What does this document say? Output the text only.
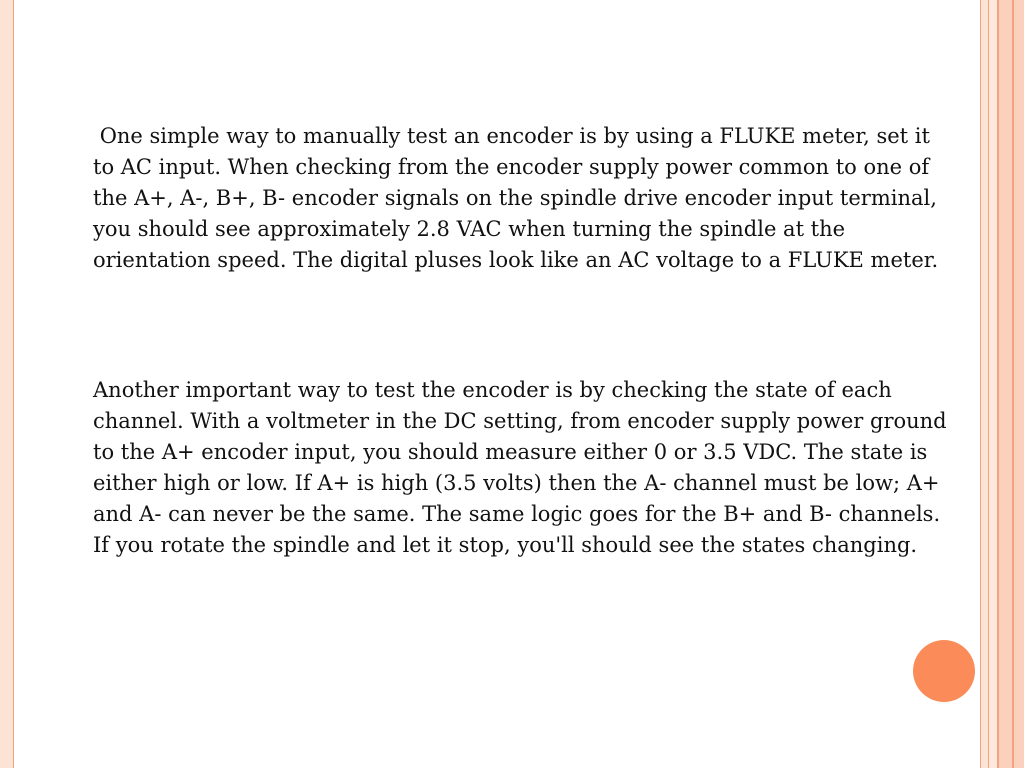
One simple way to manually test an encoder is by using a FLUKE meter, set it to AC input. When checking from the encoder supply power common to one of the A+, A-, B+, B- encoder signals on the spindle drive encoder input terminal, you should see approximately 2.8 VAC when turning the spindle at the orientation speed. The digital pluses look like an AC voltage to a FLUKE meter.

Another important way to test the encoder is by checking the state of each channel. With a voltmeter in the DC setting, from encoder supply power ground to the A+ encoder input, you should measure either 0 or 3.5 VDC. The state is either high or low. If A+ is high (3.5 volts) then the A- channel must be low; A+ and A- can never be the same. The same logic goes for the B+ and B- channels. If you rotate the spindle and let it stop, you'll should see the states changing.
